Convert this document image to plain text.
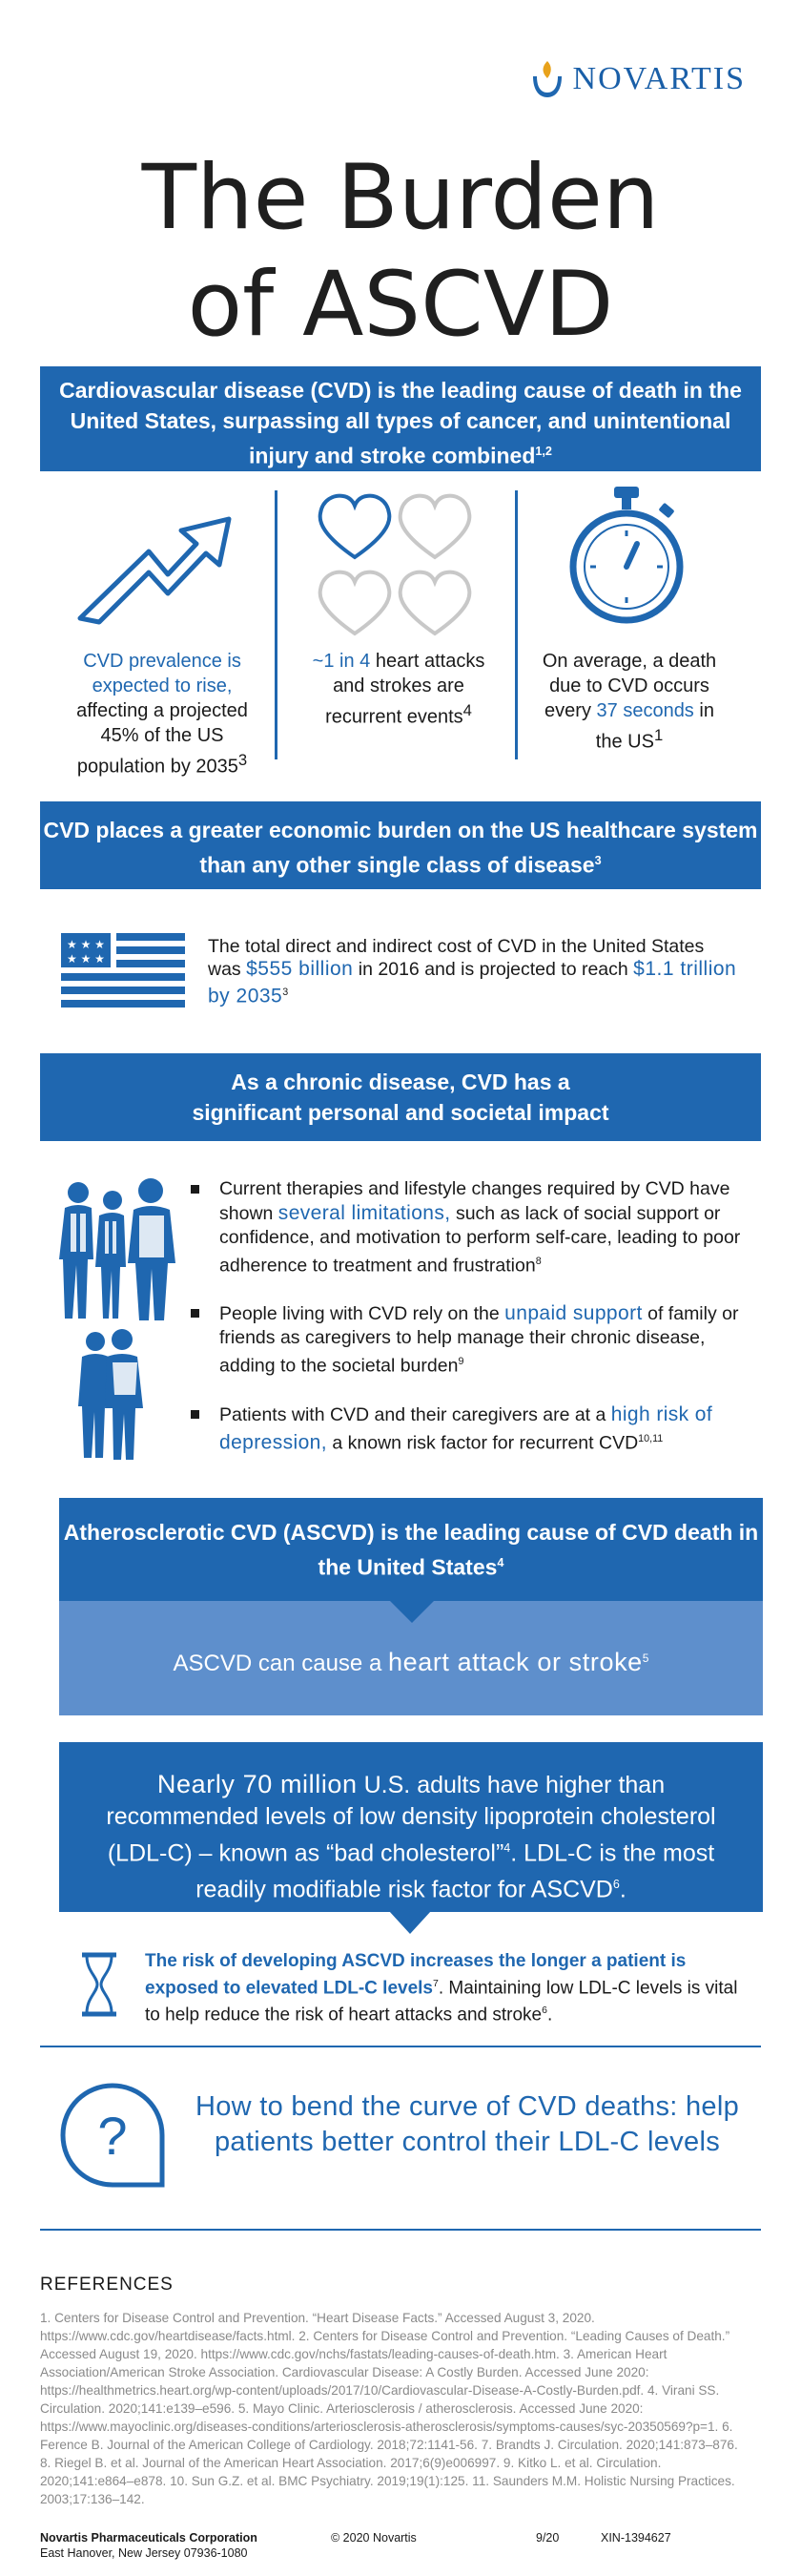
NOVARTIS
The Burden
of ASCVD
Cardiovascular disease (CVD) is the leading cause of death in the United States, surpassing all types of cancer, and unintentional injury and stroke combined$^{1,2}$
CVD prevalence is expected to rise, affecting a projected 45% of the US population by 2035$^3$
~1 in 4 heart attacks and strokes are recurrent events$^4$
On average, a death due to CVD occurs every 37 seconds in the $US^1$
CVD places a greater economic burden on the US healthcare system than any other single class of disease$^3$
★ ★ ★
★ ★ ★
The total direct and indirect cost of CVD in the United States was $555 billion in 2016 and is projected to reach $1.1 trillion by 2035$^3$
As a chronic disease, CVD has a
significant personal and societal impact
Current therapies and lifestyle changes required by CVD have shown several limitations, such as lack of social support or confidence, and motivation to perform self-care, leading to poor adherence to treatment and frustration$^8$
People living with CVD rely on the unpaid support of family or friends as caregivers to help manage their chronic disease, adding to the societal burden$^9$
Patients with CVD and their caregivers are at a high risk of depression, a known risk factor for recurrent CVD$^{10,11}$
Atherosclerotic CVD (ASCVD) is the leading cause of CVD death in the United States$^4$
ASCVD can cause a heart attack or stroke$^5$
Nearly 70 million U.S. adults have higher than recommended levels of low density lipoprotein cholesterol (LDL-C) – known as “bad cholesterol”$^4$. LDL-C is the most readily modifiable risk factor for ASCVD$^6$.
The risk of developing ASCVD increases the longer a patient is exposed to elevated LDL-C levels$^7$. Maintaining low LDL-C levels is vital to help reduce the risk of heart attacks and stroke$^6$.
?	How to bend the curve of CVD deaths: help patients better control their LDL-C levels
REFERENCES
1. Centers for Disease Control and Prevention. “Heart Disease Facts.” Accessed August 3, 2020. https://www.cdc.gov/heartdisease/facts.html. 2. Centers for Disease Control and Prevention. “Leading Causes of Death.” Accessed August 19, 2020. https://www.cdc.gov/nchs/fastats/leading-causes-of-death.htm. 3. American Heart Association/American Stroke Association. Cardiovascular Disease: A Costly Burden. Accessed June 2020: https://healthmetrics.heart.org/wp-content/uploads/2017/10/Cardiovascular-Disease-A-Costly-Burden.pdf. 4. Virani SS. Circulation. 2020;141:e139–e596. 5. Mayo Clinic. Arteriosclerosis / atherosclerosis. Accessed June 2020: https://www.mayoclinic.org/diseases-conditions/arteriosclerosis-atherosclerosis/symptoms-causes/syc-20350569?p=1. 6. Ference B. Journal of the American College of Cardiology. 2018;72:1141-56. 7. Brandts J. Circulation. 2020;141:873–876. 8. Riegel B. et al. Journal of the American Heart Association. 2017;6(9)e006997. 9. Kitko L. et al. Circulation. 2020;141:e864–e878. 10. Sun G.Z. et al. BMC Psychiatry. 2019;19(1):125. 11. Saunders M.M. Holistic Nursing Practices. 2003;17:136–142.
Novartis Pharmaceuticals Corporation
East Hanover, New Jersey 07936-1080
© 2020 Novartis	9/20	XIN-1394627
